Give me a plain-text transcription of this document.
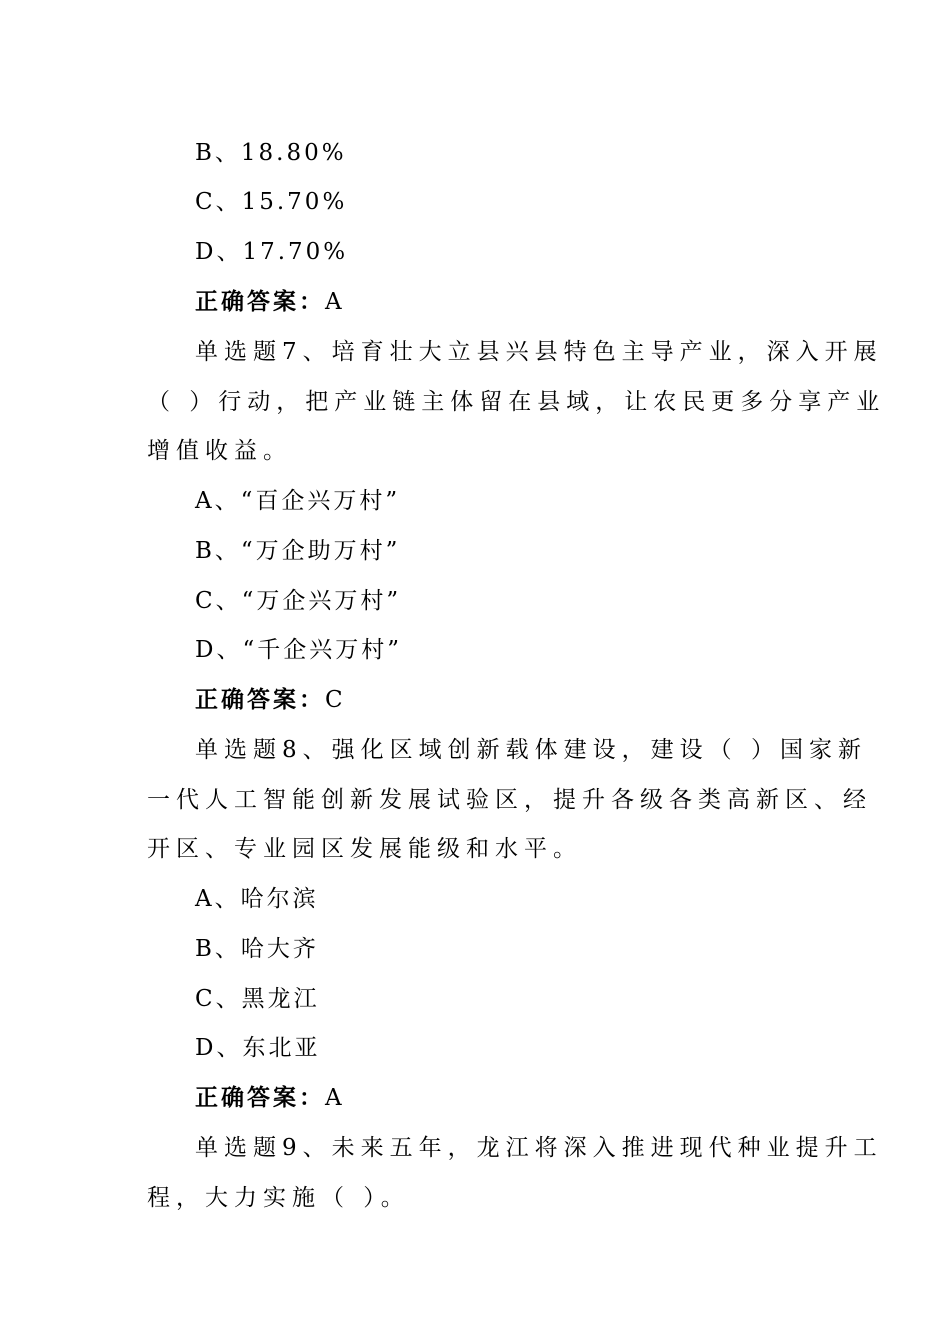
B、18.80%
C、15.70%
D、17.70%
正确答案：A
单选题7、培育壮大立县兴县特色主导产业，深入开展
（ ）行动，把产业链主体留在县域，让农民更多分享产业
增值收益。
A、“百企兴万村”
B、“万企助万村”
C、“万企兴万村”
D、“千企兴万村”
正确答案：C
单选题8、强化区域创新载体建设，建设（ ）国家新
一代人工智能创新发展试验区，提升各级各类高新区、经
开区、专业园区发展能级和水平。
A、哈尔滨
B、哈大齐
C、黑龙江
D、东北亚
正确答案：A
单选题9、未来五年，龙江将深入推进现代种业提升工
程，大力实施（ ）。
